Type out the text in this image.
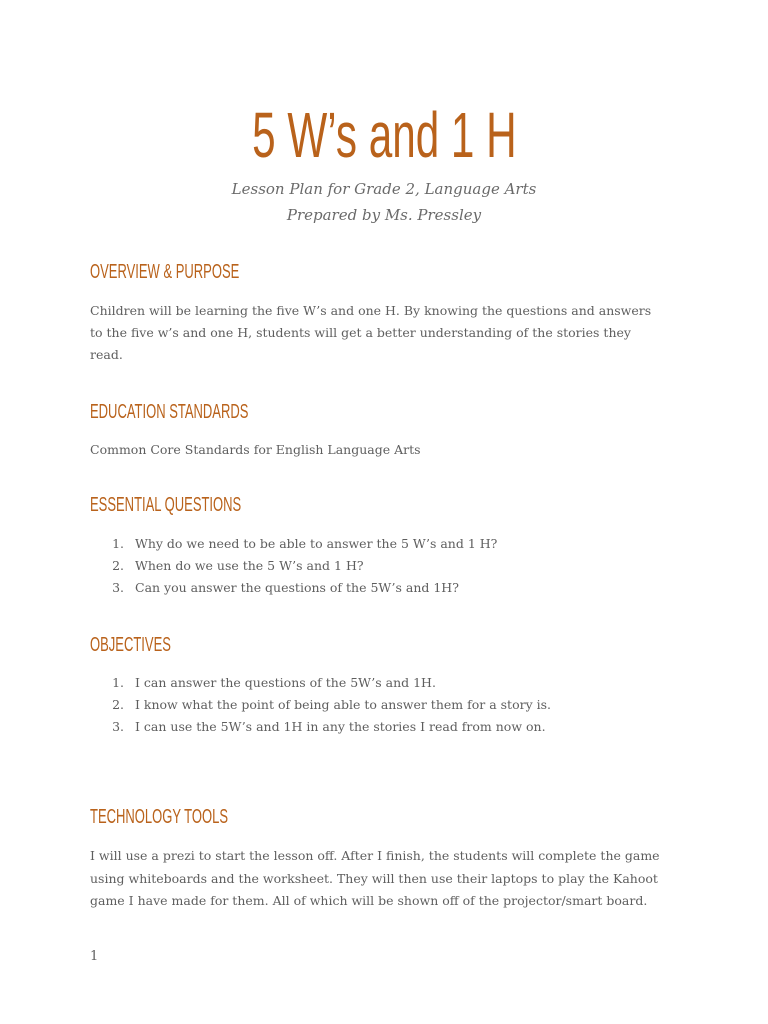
5 W’s and 1 H

Lesson Plan for Grade 2, Language Arts

Prepared by Ms. Pressley

OVERVIEW & PURPOSE

Children will be learning the five W’s and one H. By knowing the questions and answers
to the five w’s and one H, students will get a better understanding of the stories they
read.

EDUCATION STANDARDS

Common Core Standards for English Language Arts

ESSENTIAL QUESTIONS
1. Why do we need to be able to answer the 5 W’s and 1 H?
2. When do we use the 5 W’s and 1 H?
3. Can you answer the questions of the 5W’s and 1H?
OBJECTIVES
1. I can answer the questions of the 5W’s and 1H.
2. I know what the point of being able to answer them for a story is.
3. I can use the 5W’s and 1H in any the stories I read from now on.
TECHNOLOGY TOOLS

I will use a prezi to start the lesson off. After I finish, the students will complete the game
using whiteboards and the worksheet. They will then use their laptops to play the Kahoot
game I have made for them. All of which will be shown off of the projector/smart board.

1
